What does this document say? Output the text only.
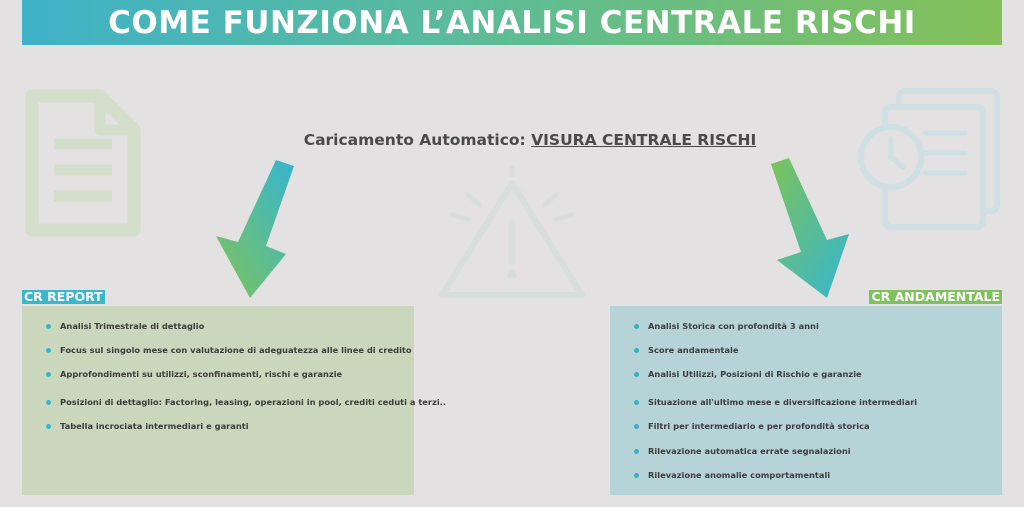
COME FUNZIONA L’ANALISI CENTRALE RISCHI
Caricamento Automatico: VISURA CENTRALE RISCHI
CR REPORT	CR ANDAMENTALE
Analisi Trimestrale di dettaglio
Focus sul singolo mese con valutazione di adeguatezza alle linee di credito
Approfondimenti su utilizzi, sconfinamenti, rischi e garanzie
Posizioni di dettaglio: Factoring, leasing, operazioni in pool, crediti ceduti a terzi..
Tabella incrociata intermediari e garanti
Analisi Storica con profondità 3 anni
Score andamentale
Analisi Utilizzi, Posizioni di Rischio e garanzie
Situazione all'ultimo mese e diversificazione intermediari
Filtri per intermediario e per profondità storica
Rilevazione automatica errate segnalazioni
Rilevazione anomalie comportamentali
